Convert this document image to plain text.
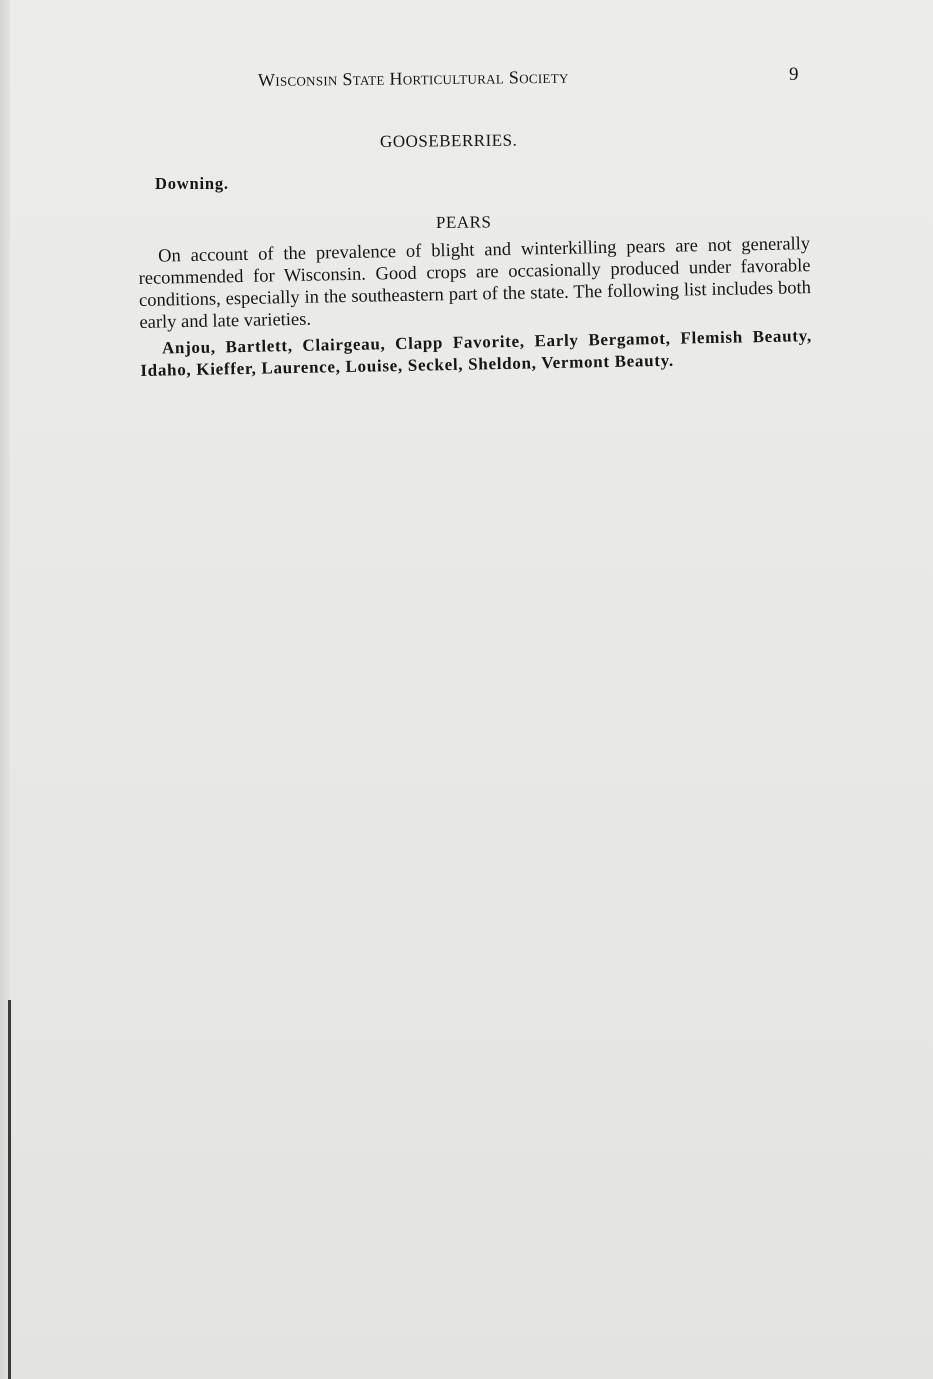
Wisconsin State Horticultural Society	9
GOOSEBERRIES.
Downing.
PEARS

On account of the prevalence of blight and winterkilling pears are not generally recommended for Wisconsin. Good crops are occasionally produced under favorable conditions, especially in the southeastern part of the state. The following list includes both early and late varieties.

Anjou, Bartlett, Clairgeau, Clapp Favorite, Early Bergamot, Flemish Beauty, Idaho, Kieffer, Laurence, Louise, Seckel, Sheldon, Vermont Beauty.
